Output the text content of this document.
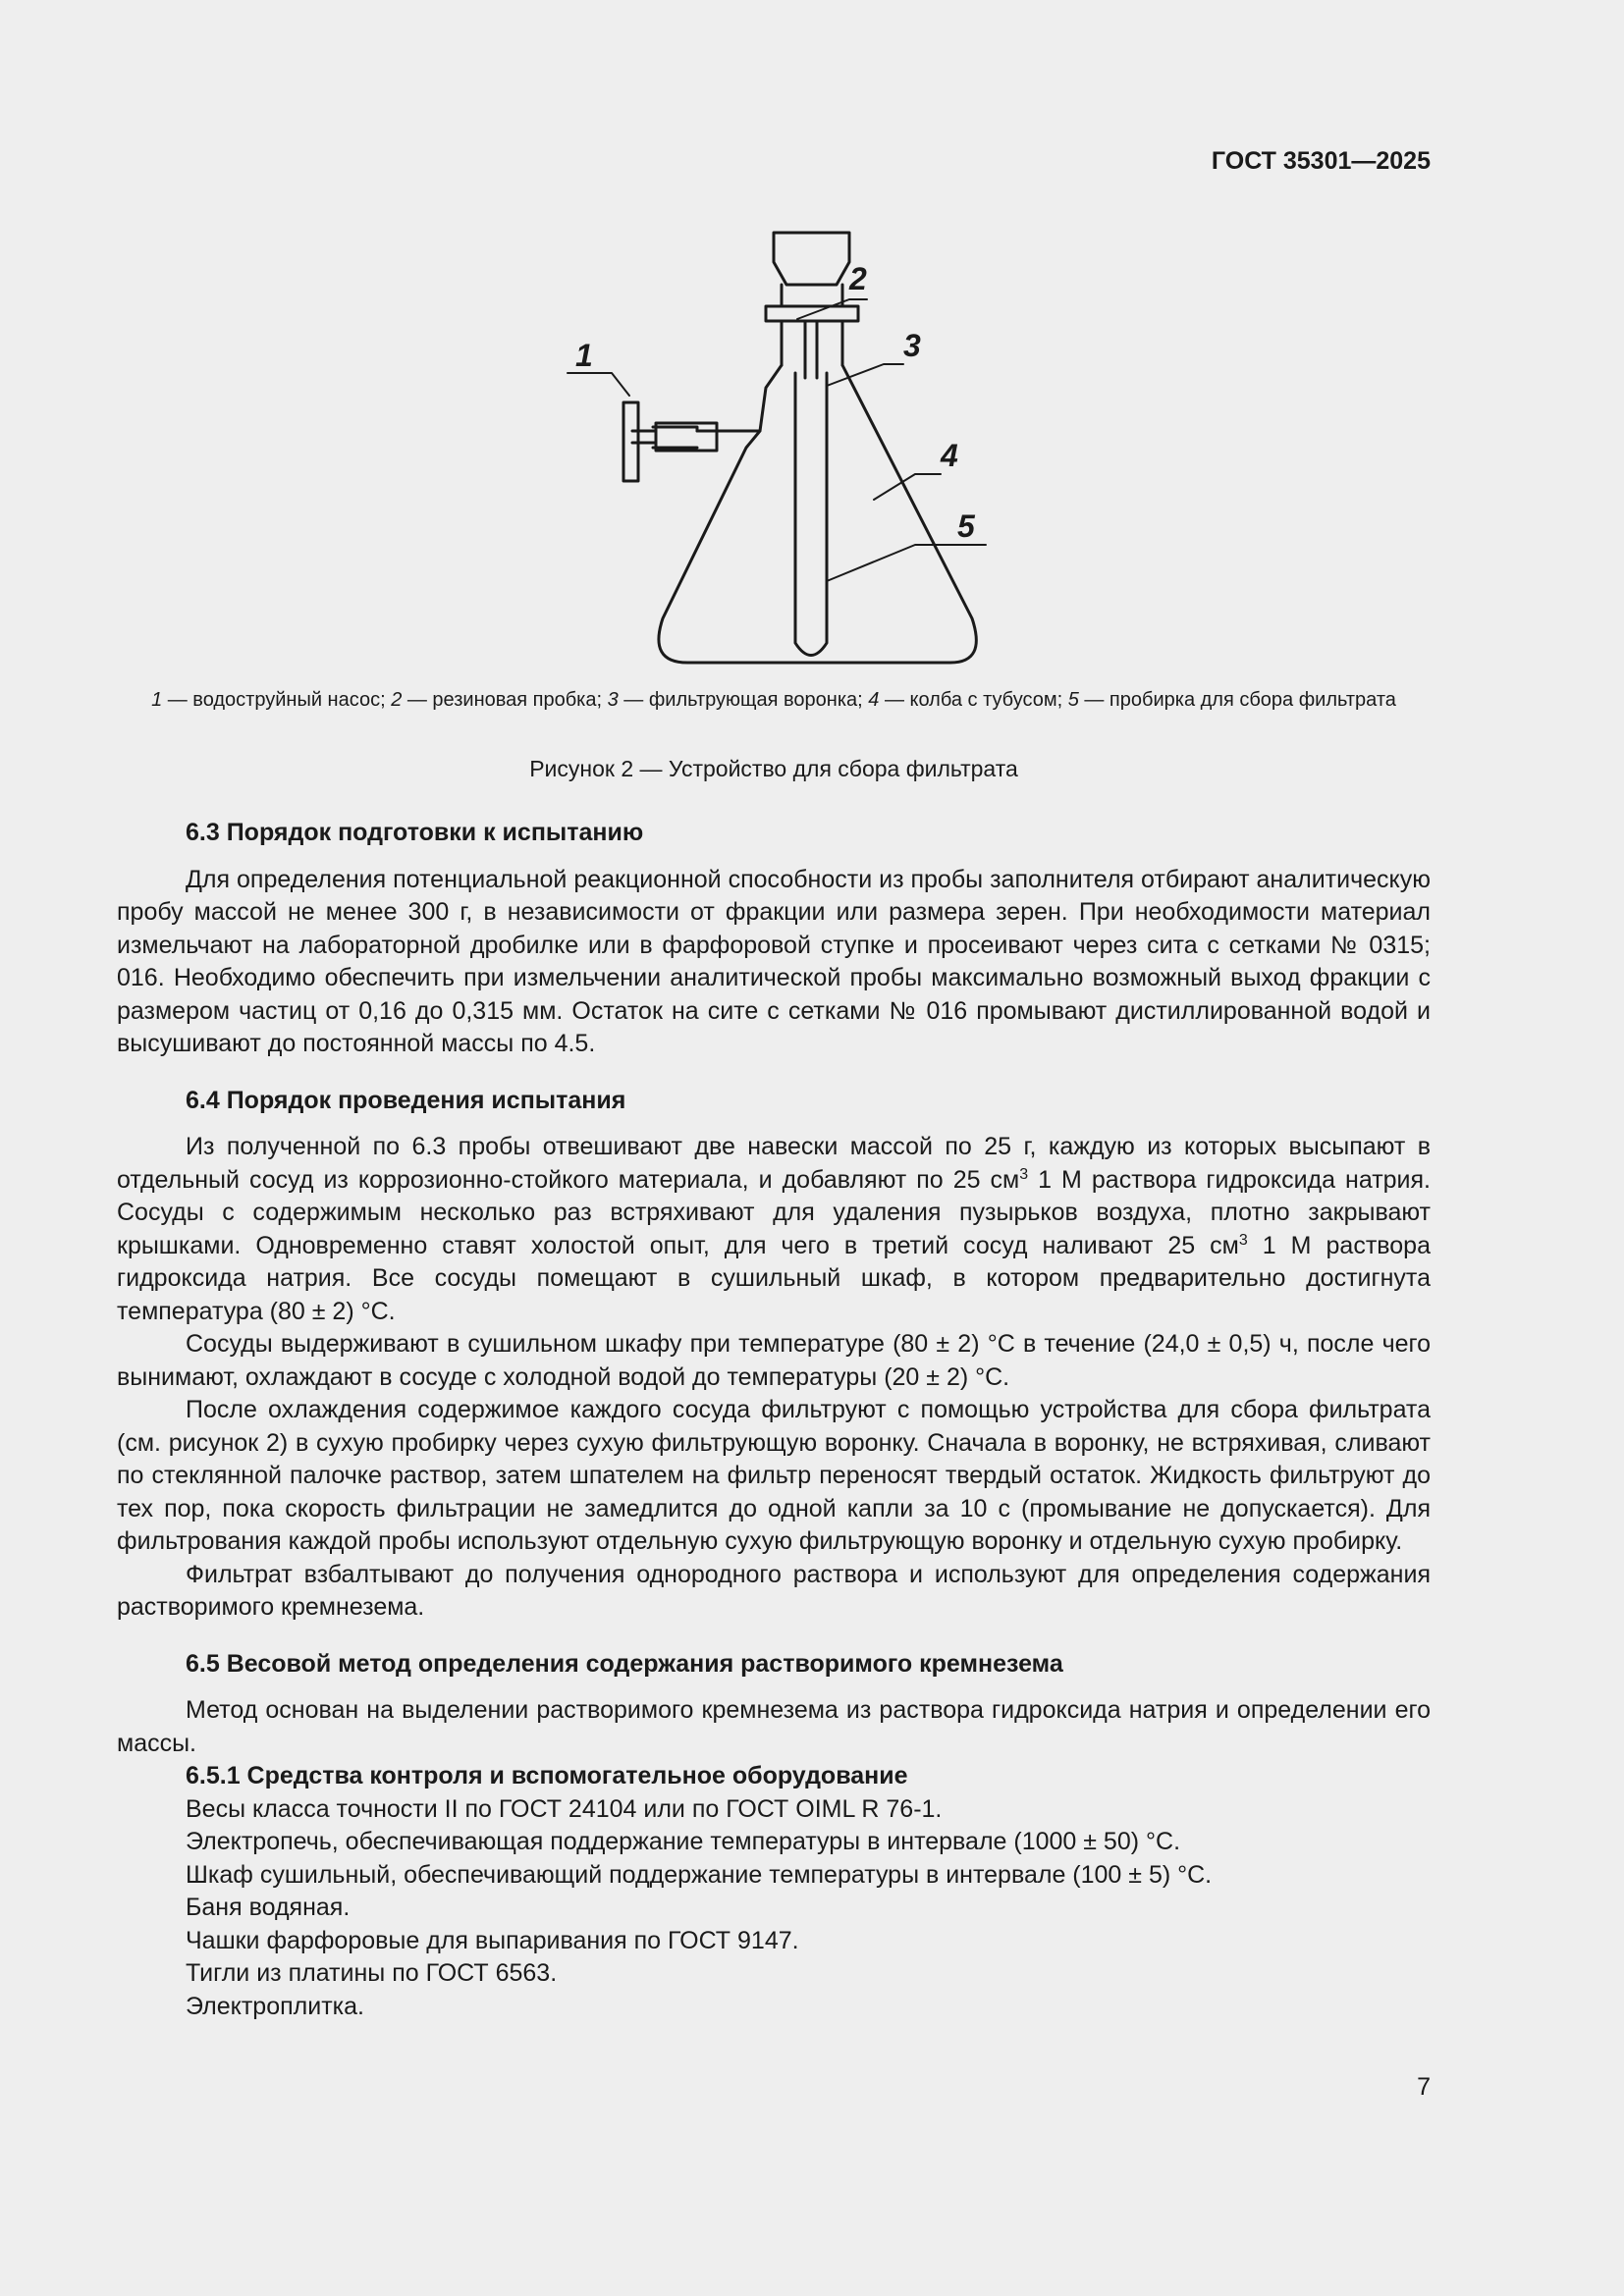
ГОСТ 35301—2025
1
2
3
4
5
1 — водоструйный насос; 2 — резиновая пробка; 3 — фильтрующая воронка; 4 — колба с тубусом; 5 — пробирка для сбора фильтрата
Рисунок 2 — Устройство для сбора фильтрата
6.3 Порядок подготовки к испытанию

Для определения потенциальной реакционной способности из пробы заполнителя отбирают аналитическую пробу массой не менее 300 г, в независимости от фракции или размера зерен. При необходимости материал измельчают на лабораторной дробилке или в фарфоровой ступке и просеивают через сита с сетками № 0315; 016. Необходимо обеспечить при измельчении аналитической пробы максимально возможный выход фракции с размером частиц от 0,16 до 0,315 мм. Остаток на сите с сетками № 016 промывают дистиллированной водой и высушивают до постоянной массы по 4.5.

6.4 Порядок проведения испытания

Из полученной по 6.3 пробы отвешивают две навески массой по 25 г, каждую из которых высыпают в отдельный сосуд из коррозионно-стойкого материала, и добавляют по 25 $см^3$ 1 М раствора гидроксида натрия. Сосуды с содержимым несколько раз встряхивают для удаления пузырьков воздуха, плотно закрывают крышками. Одновременно ставят холостой опыт, для чего в третий сосуд наливают 25 $см^3$ 1 М раствора гидроксида натрия. Все сосуды помещают в сушильный шкаф, в котором предварительно достигнута температура (80 ± 2) °С.

Сосуды выдерживают в сушильном шкафу при температуре (80 ± 2) °С в течение (24,0 ± 0,5) ч, после чего вынимают, охлаждают в сосуде с холодной водой до температуры (20 ± 2) °С.

После охлаждения содержимое каждого сосуда фильтруют с помощью устройства для сбора фильтрата (см. рисунок 2) в сухую пробирку через сухую фильтрующую воронку. Сначала в воронку, не встряхивая, сливают по стеклянной палочке раствор, затем шпателем на фильтр переносят твердый остаток. Жидкость фильтруют до тех пор, пока скорость фильтрации не замедлится до одной капли за 10 с (промывание не допускается). Для фильтрования каждой пробы используют отдельную сухую фильтрующую воронку и отдельную сухую пробирку.

Фильтрат взбалтывают до получения однородного раствора и используют для определения содержания растворимого кремнезема.

6.5 Весовой метод определения содержания растворимого кремнезема

Метод основан на выделении растворимого кремнезема из раствора гидроксида натрия и определении его массы.

6.5.1 Средства контроля и вспомогательное оборудование
Весы класса точности II по ГОСТ 24104 или по ГОСТ OIML R 76-1.
Электропечь, обеспечивающая поддержание температуры в интервале (1000 ± 50) °С.
Шкаф сушильный, обеспечивающий поддержание температуры в интервале (100 ± 5) °С.
Баня водяная.
Чашки фарфоровые для выпаривания по ГОСТ 9147.
Тигли из платины по ГОСТ 6563.
Электроплитка.
7
